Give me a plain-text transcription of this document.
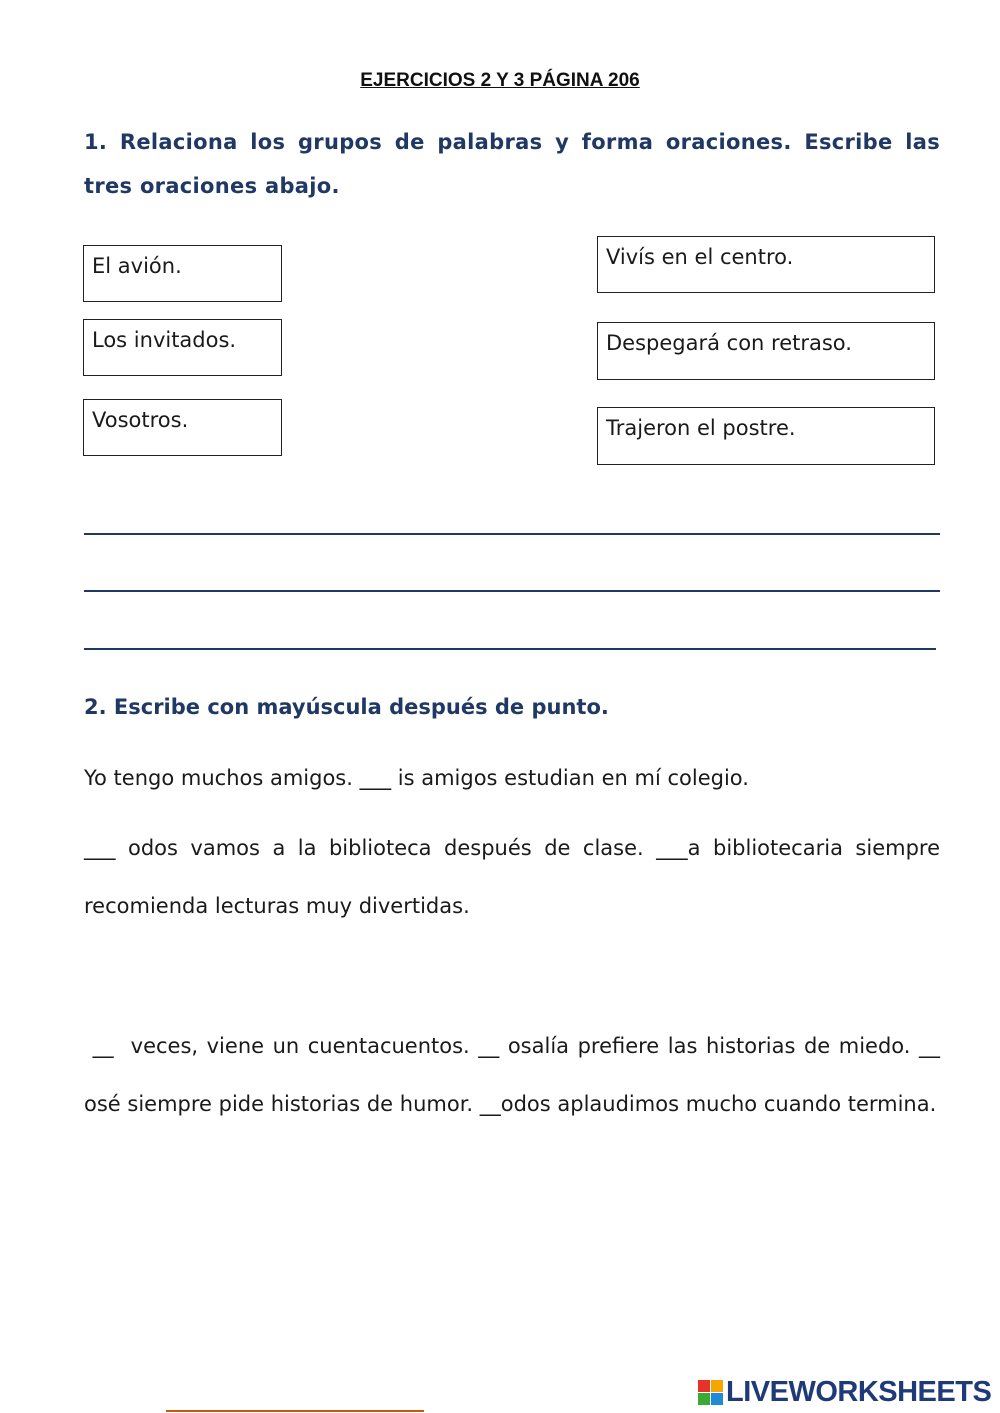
EJERCICIOS 2 Y 3 PÁGINA 206
1. Relaciona los grupos de palabras y forma oraciones. Escribe las tres oraciones abajo.
El avión.
Los invitados.
Vosotros.
Vivís en el centro.
Despegará con retraso.
Trajeron el postre.
2. Escribe con mayúscula después de punto.
Yo tengo muchos amigos. ___ is amigos estudian en mí colegio.
___ odos vamos a la biblioteca después de clase. ___a bibliotecaria siempre recomienda lecturas muy divertidas.
__  veces, viene un cuentacuentos. __ osalía prefiere las historias de miedo. __ osé siempre pide historias de humor. __odos aplaudimos mucho cuando termina.
LIVEWORKSHEETS
